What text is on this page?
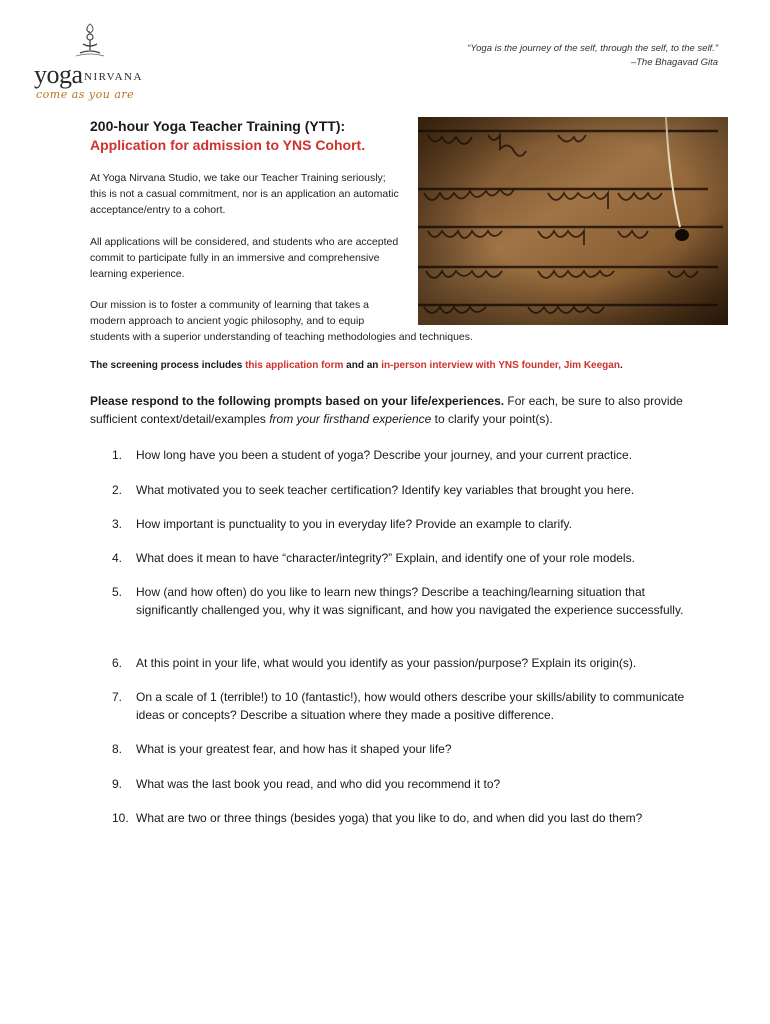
yoga NIRVANA
come as you are
“Yoga is the journey of the self, through the self, to the self.”
–The Bhagavad Gita
200-hour Yoga Teacher Training (YTT):
Application for admission to YNS Cohort.

At Yoga Nirvana Studio, we take our Teacher Training seriously; this is not a casual commitment, nor is an application an automatic acceptance/entry to a cohort.

All applications will be considered, and students who are accepted commit to participate fully in an immersive and comprehensive learning experience.

Our mission is to foster a community of learning that takes a
modern approach to ancient yogic philosophy, and to equip
students with a superior understanding of teaching methodologies and techniques.
The screening process includes this application form and an in-person interview with YNS founder, Jim Keegan.
Please respond to the following prompts based on your life/experiences. For each, be sure to also provide sufficient context/detail/examples from your firsthand experience to clarify your point(s).
1.	How long have you been a student of yoga? Describe your journey, and your current practice.
2.	What motivated you to seek teacher certification? Identify key variables that brought you here.
3.	How important is punctuality to you in everyday life? Provide an example to clarify.
4.	What does it mean to have “character/integrity?” Explain, and identify one of your role models.
5.	How (and how often) do you like to learn new things? Describe a teaching/learning situation that significantly challenged you, why it was significant, and how you navigated the experience successfully.
6.	At this point in your life, what would you identify as your passion/purpose? Explain its origin(s).
7.	On a scale of 1 (terrible!) to 10 (fantastic!), how would others describe your skills/ability to communicate ideas or concepts? Describe a situation where they made a positive difference.
8.	What is your greatest fear, and how has it shaped your life?
9.	What was the last book you read, and who did you recommend it to?
10. What are two or three things (besides yoga) that you like to do, and when did you last do them?
